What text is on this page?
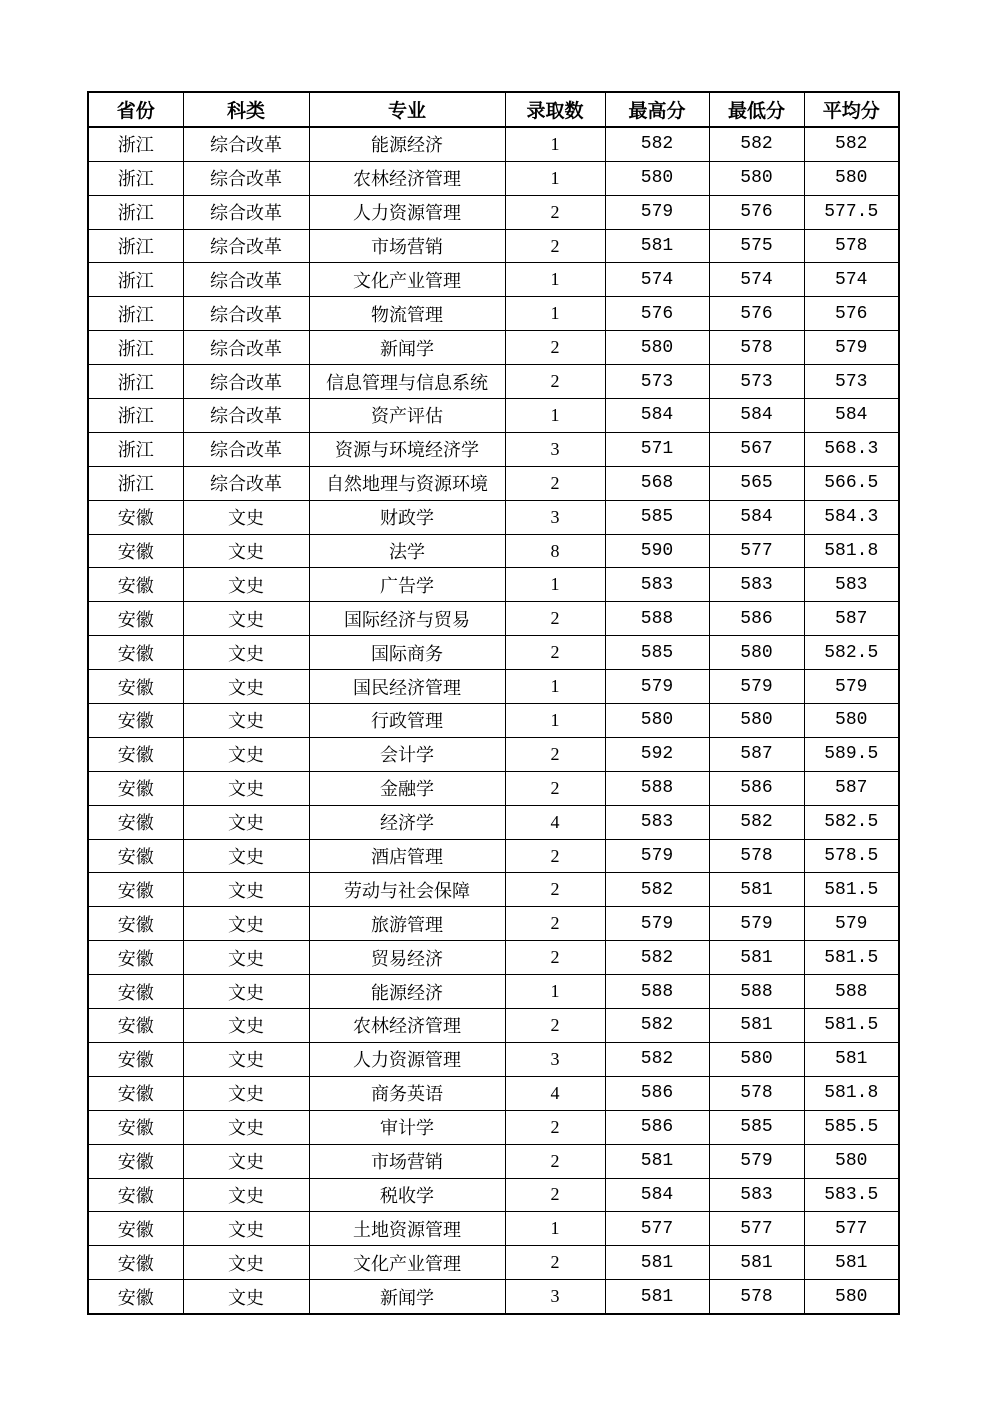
省份	科类	专业	录取数	最高分	最低分	平均分
浙江	综合改革	能源经济	1	582	582	582
浙江	综合改革	农林经济管理	1	580	580	580
浙江	综合改革	人力资源管理	2	579	576	577.5
浙江	综合改革	市场营销	2	581	575	578
浙江	综合改革	文化产业管理	1	574	574	574
浙江	综合改革	物流管理	1	576	576	576
浙江	综合改革	新闻学	2	580	578	579
浙江	综合改革	信息管理与信息系统	2	573	573	573
浙江	综合改革	资产评估	1	584	584	584
浙江	综合改革	资源与环境经济学	3	571	567	568.3
浙江	综合改革	自然地理与资源环境	2	568	565	566.5
安徽	文史	财政学	3	585	584	584.3
安徽	文史	法学	8	590	577	581.8
安徽	文史	广告学	1	583	583	583
安徽	文史	国际经济与贸易	2	588	586	587
安徽	文史	国际商务	2	585	580	582.5
安徽	文史	国民经济管理	1	579	579	579
安徽	文史	行政管理	1	580	580	580
安徽	文史	会计学	2	592	587	589.5
安徽	文史	金融学	2	588	586	587
安徽	文史	经济学	4	583	582	582.5
安徽	文史	酒店管理	2	579	578	578.5
安徽	文史	劳动与社会保障	2	582	581	581.5
安徽	文史	旅游管理	2	579	579	579
安徽	文史	贸易经济	2	582	581	581.5
安徽	文史	能源经济	1	588	588	588
安徽	文史	农林经济管理	2	582	581	581.5
安徽	文史	人力资源管理	3	582	580	581
安徽	文史	商务英语	4	586	578	581.8
安徽	文史	审计学	2	586	585	585.5
安徽	文史	市场营销	2	581	579	580
安徽	文史	税收学	2	584	583	583.5
安徽	文史	土地资源管理	1	577	577	577
安徽	文史	文化产业管理	2	581	581	581
安徽	文史	新闻学	3	581	578	580
